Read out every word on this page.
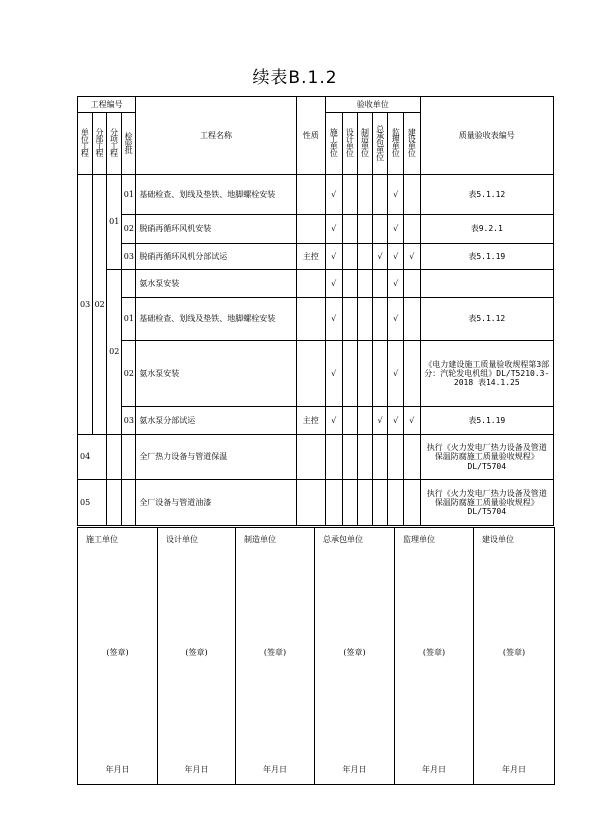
续表B.1.2
工程编号				工程名称	性质	验收单位						质量验收表编号
单位工程	分部工程	分项工程	检验批			施工单位	设计单位	制造单位	总承包单位	监理单位	建设单位	
03	02	01	01	基础检查、划线及垫铁、地脚螺栓安装		√				√		表5.1.12
			02	脱硝再循环风机安装		√				√		表9.2.1
			03	脱硝再循环风机分部试运	主控	√			√	√	√	表5.1.19
		02		氨水泵安装		√				√		
			01	基础检查、划线及垫铁、地脚螺栓安装		√				√		表5.1.12
			02	氨水泵安装		√				√		《电力建设施工质量验收规程第3部分：汽轮发电机组》DL/T5210.3-2018 表14.1.25
			03	氨水泵分部试运	主控	√			√	√	√	表5.1.19
04				全厂热力设备与管道保温								执行《火力发电厂热力设备及管道保温防腐施工质量验收规程》DL/T5704
05				全厂设备与管道油漆								执行《火力发电厂热力设备及管道保温防腐施工质量验收规程》DL/T5704
施工单位
(签章)
年月日

设计单位
(签章)
年月日

制造单位
(签章)
年月日

总承包单位
(签章)
年月日

监理单位
(签章)
年月日

建设单位
(签章)
年月日
